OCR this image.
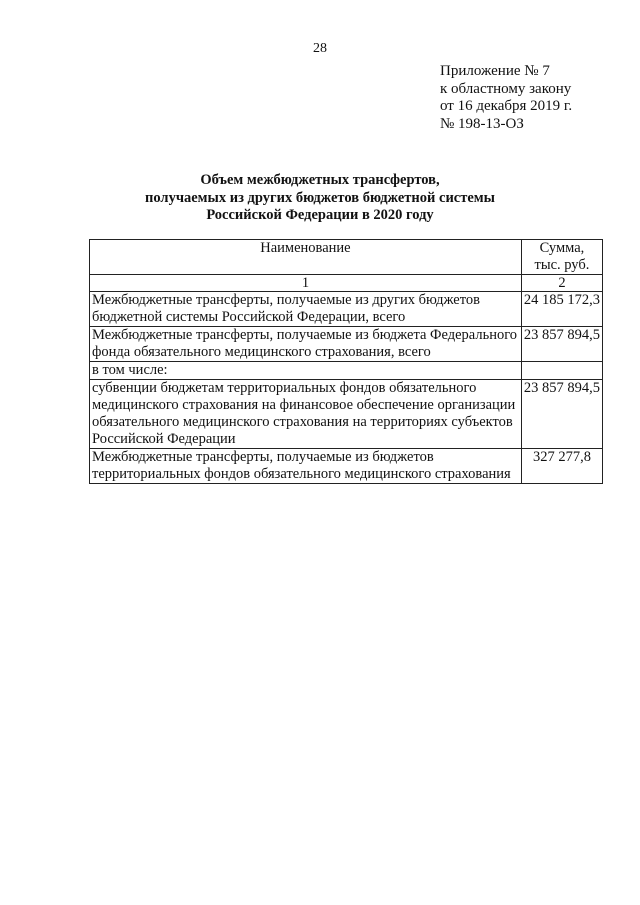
28
Приложение № 7
к областному закону
от 16 декабря 2019 г.
№ 198-13-ОЗ
Объем межбюджетных трансфертов,
получаемых из других бюджетов бюджетной системы
Российской Федерации в 2020 году
Наименование	Сумма,
тыс. руб.

1	2
Межбюджетные трансферты, получаемые из других бюджетов бюджетной системы Российской Федерации, всего	24 185 172,3
Межбюджетные трансферты, получаемые из бюджета Федерального фонда обязательного медицинского страхования, всего	23 857 894,5
в том числе:	
субвенции бюджетам территориальных фондов обязательного медицинского страхования на финансовое обеспечение организации обязательного медицинского страхования на территориях субъектов Российской Федерации	23 857 894,5
Межбюджетные трансферты, получаемые из бюджетов территориальных фондов обязательного медицинского страхования	327 277,8
